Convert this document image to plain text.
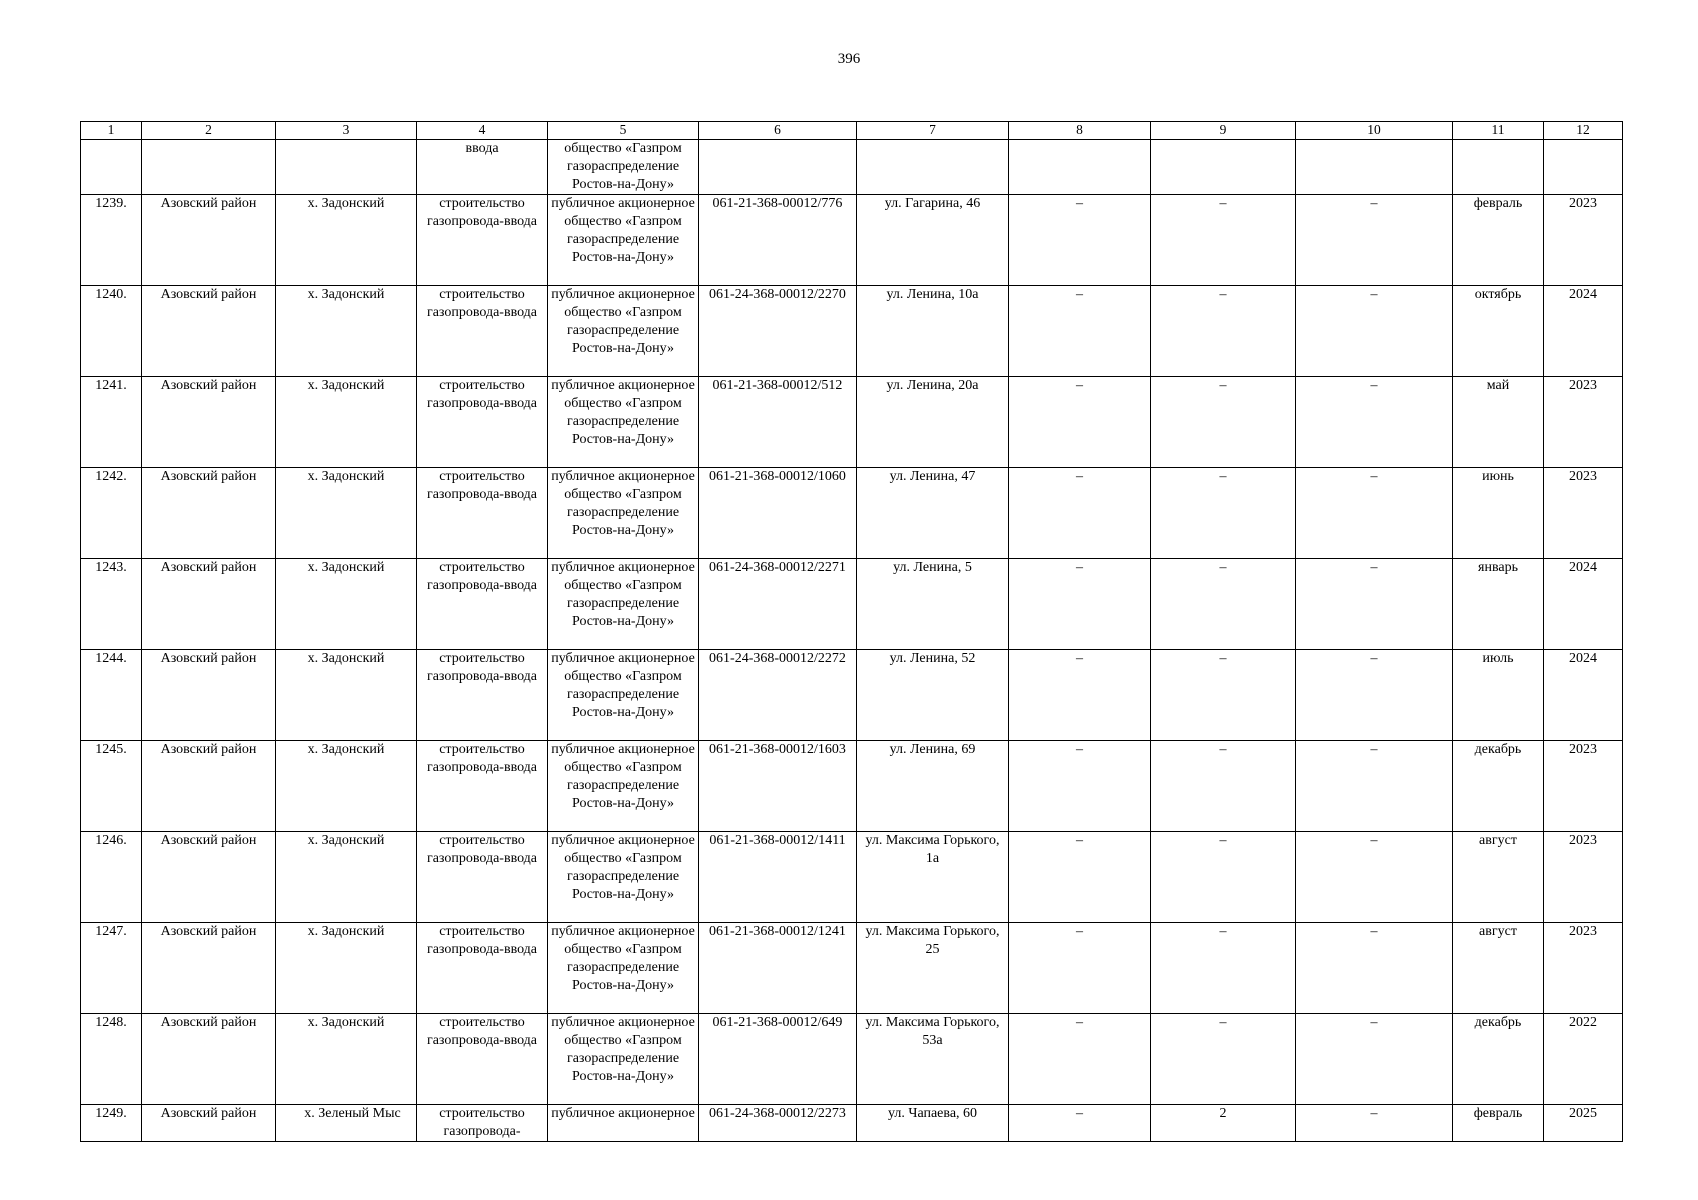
396
1	2	3	4	5	6	7	8	9	10	11	12
			ввода	общество «Газпром газораспределение Ростов-на-Дону»							
1239.	Азовский район	х. Задонский	строительство газопровода-ввода	публичное акционерное общество «Газпром газораспределение Ростов-на-Дону»	061-21-368-00012/776	ул. Гагарина, 46	–	–	–	февраль	2023
1240.	Азовский район	х. Задонский	строительство газопровода-ввода	публичное акционерное общество «Газпром газораспределение Ростов-на-Дону»	061-24-368-00012/2270	ул. Ленина, 10а	–	–	–	октябрь	2024
1241.	Азовский район	х. Задонский	строительство газопровода-ввода	публичное акционерное общество «Газпром газораспределение Ростов-на-Дону»	061-21-368-00012/512	ул. Ленина, 20а	–	–	–	май	2023
1242.	Азовский район	х. Задонский	строительство газопровода-ввода	публичное акционерное общество «Газпром газораспределение Ростов-на-Дону»	061-21-368-00012/1060	ул. Ленина, 47	–	–	–	июнь	2023
1243.	Азовский район	х. Задонский	строительство газопровода-ввода	публичное акционерное общество «Газпром газораспределение Ростов-на-Дону»	061-24-368-00012/2271	ул. Ленина, 5	–	–	–	январь	2024
1244.	Азовский район	х. Задонский	строительство газопровода-ввода	публичное акционерное общество «Газпром газораспределение Ростов-на-Дону»	061-24-368-00012/2272	ул. Ленина, 52	–	–	–	июль	2024
1245.	Азовский район	х. Задонский	строительство газопровода-ввода	публичное акционерное общество «Газпром газораспределение Ростов-на-Дону»	061-21-368-00012/1603	ул. Ленина, 69	–	–	–	декабрь	2023
1246.	Азовский район	х. Задонский	строительство газопровода-ввода	публичное акционерное общество «Газпром газораспределение Ростов-на-Дону»	061-21-368-00012/1411	ул. Максима Горького, 1а	–	–	–	август	2023
1247.	Азовский район	х. Задонский	строительство газопровода-ввода	публичное акционерное общество «Газпром газораспределение Ростов-на-Дону»	061-21-368-00012/1241	ул. Максима Горького, 25	–	–	–	август	2023
1248.	Азовский район	х. Задонский	строительство газопровода-ввода	публичное акционерное общество «Газпром газораспределение Ростов-на-Дону»	061-21-368-00012/649	ул. Максима Горького, 53а	–	–	–	декабрь	2022
1249.	Азовский район	х. Зеленый Мыс	строительство газопровода-	публичное акционерное	061-24-368-00012/2273	ул. Чапаева, 60	–	2	–	февраль	2025
